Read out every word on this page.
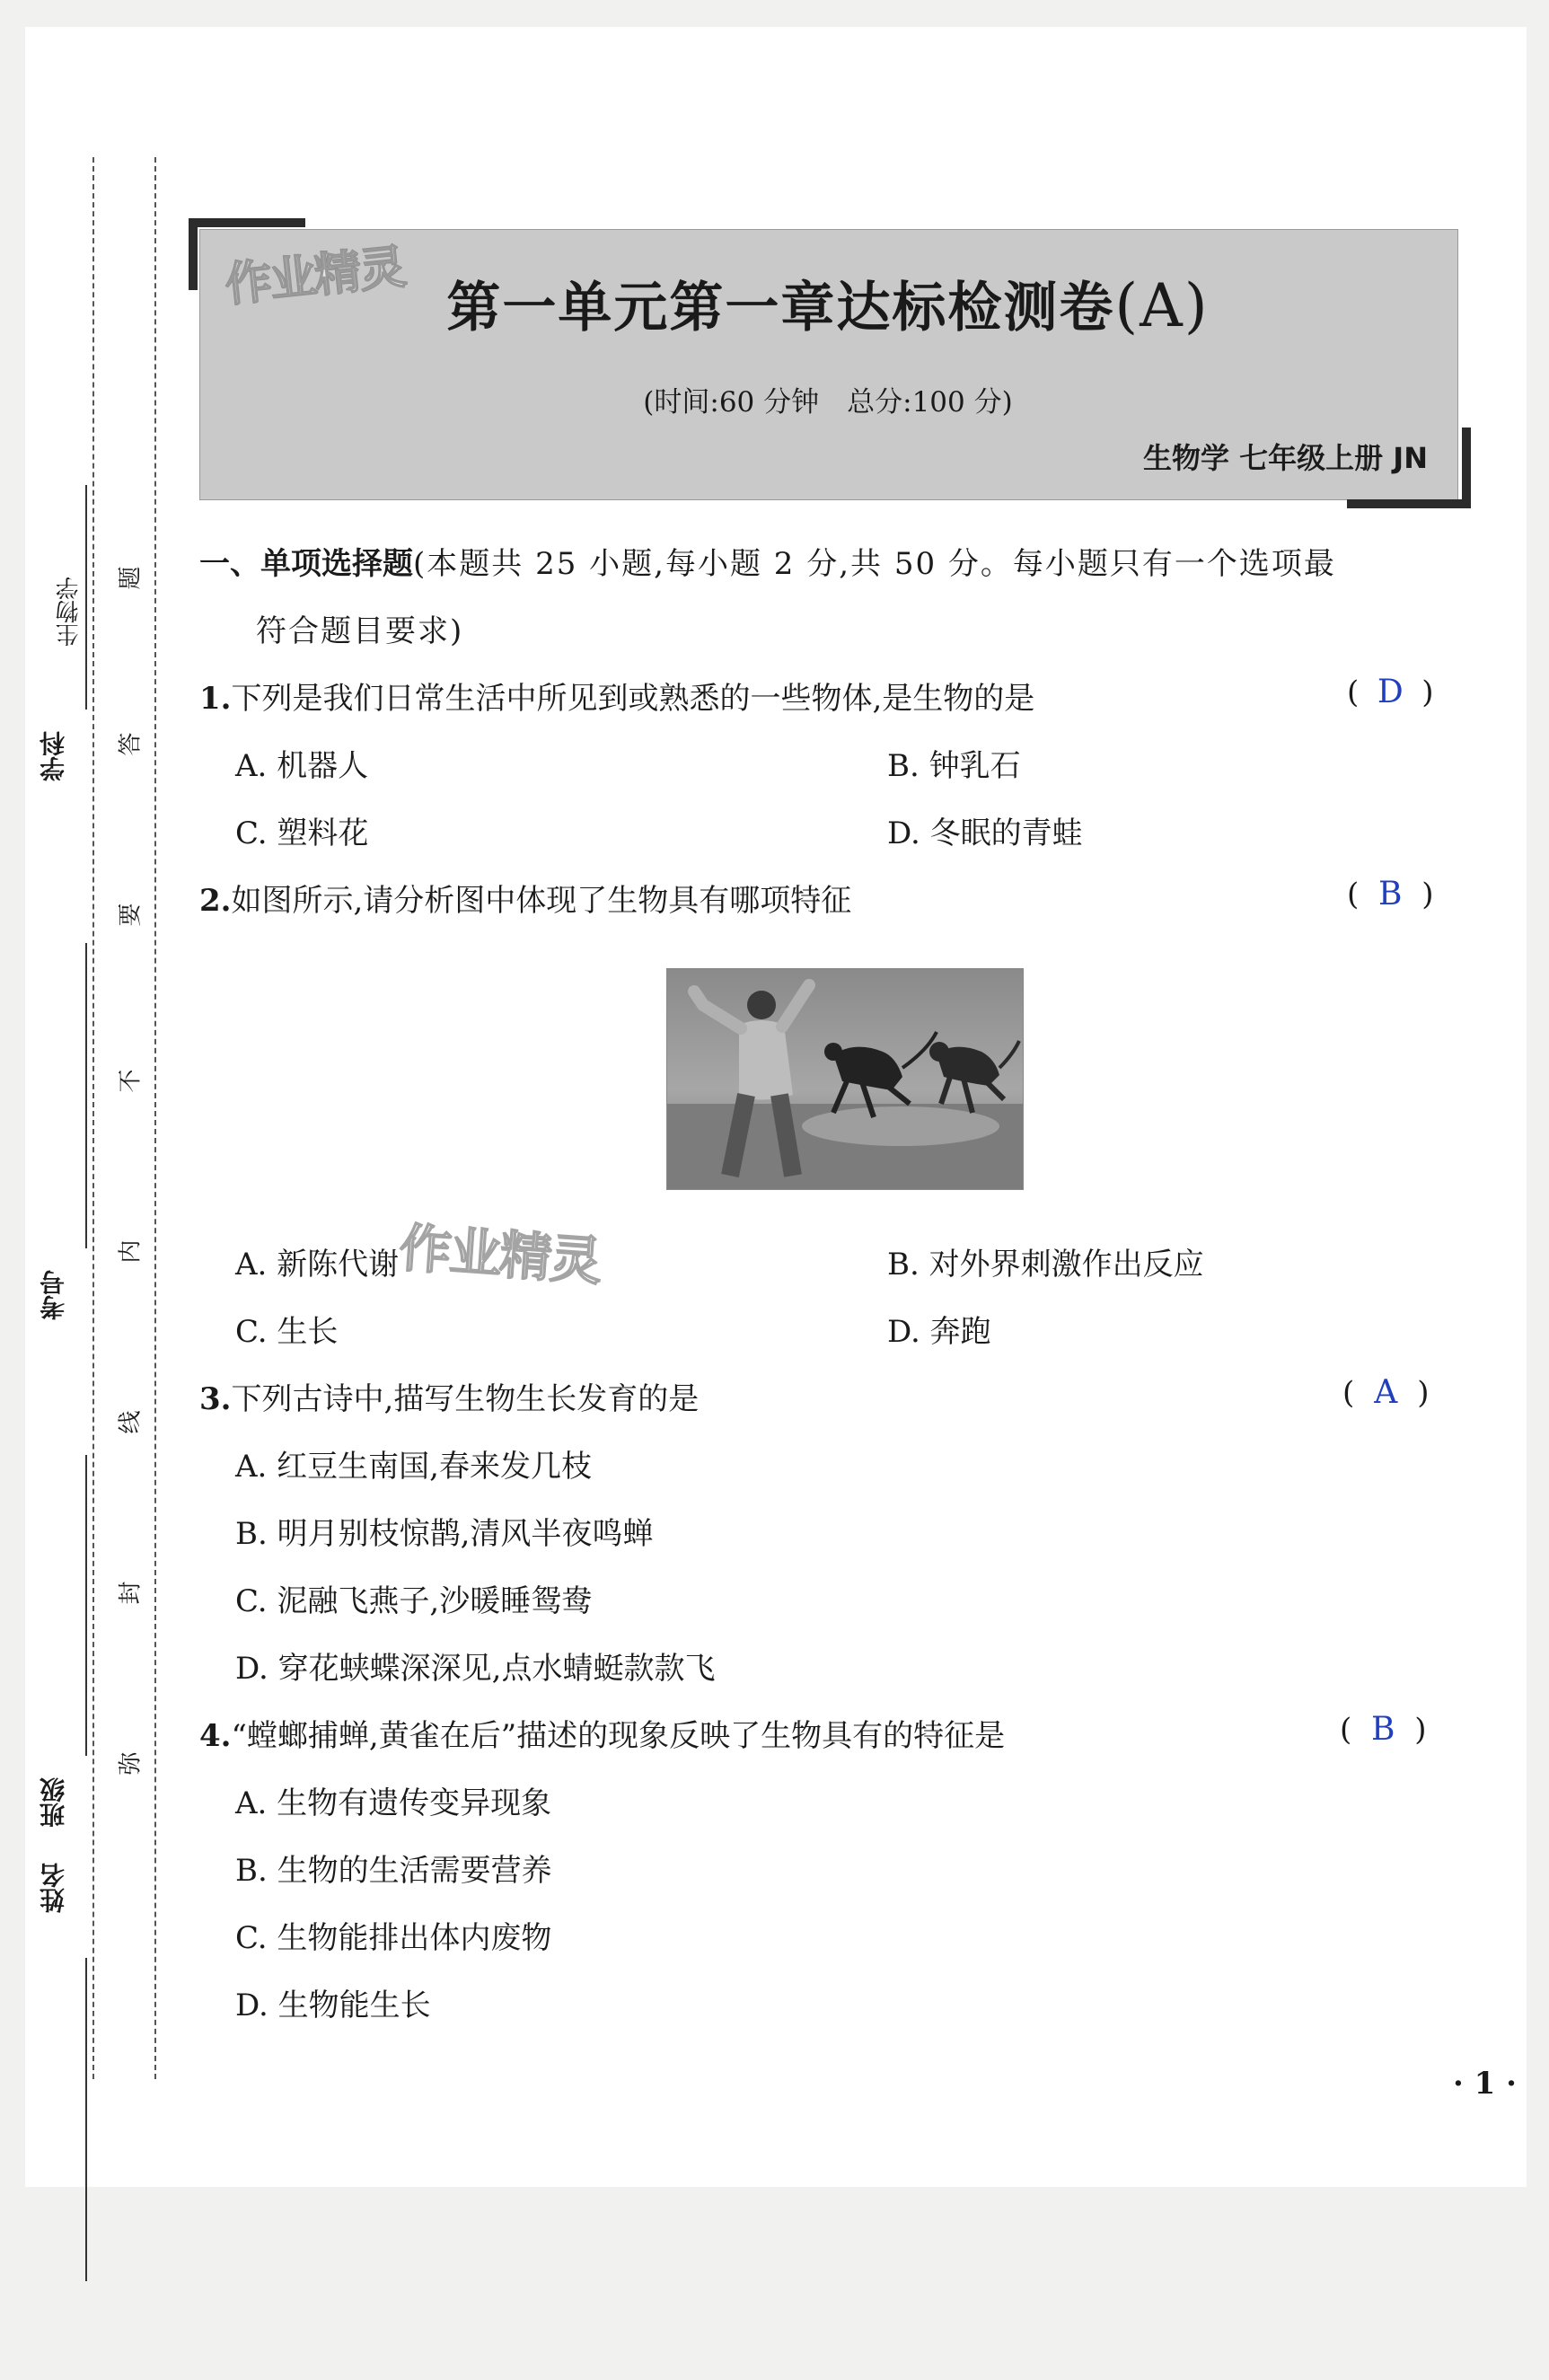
学科
生物学
考号
班级
姓名
题
答
要
不
内
线
封
弥
作业精灵 第一单元第一章达标检测卷(A)
(时间:60 分钟　总分:100 分)
生物学 七年级上册 JN
一、单项选择题(本题共 25 小题,每小题 2 分,共 50 分。每小题只有一个选项最
符合题目要求)
1.下列是我们日常生活中所见到或熟悉的一些物体,是生物的是	( D )
A. 机器人	B. 钟乳石
C. 塑料花	D. 冬眠的青蛙
2.如图所示,请分析图中体现了生物具有哪项特征	( B )
A. 新陈代谢	B. 对外界刺激作出反应
C. 生长	D. 奔跑
作业精灵
3.下列古诗中,描写生物生长发育的是	( A )
A. 红豆生南国,春来发几枝
B. 明月别枝惊鹊,清风半夜鸣蝉
C. 泥融飞燕子,沙暖睡鸳鸯
D. 穿花蛱蝶深深见,点水蜻蜓款款飞
4.“螳螂捕蝉,黄雀在后”描述的现象反映了生物具有的特征是	( B )
A. 生物有遗传变异现象
B. 生物的生活需要营养
C. 生物能排出体内废物
D. 生物能生长
· 1 ·
